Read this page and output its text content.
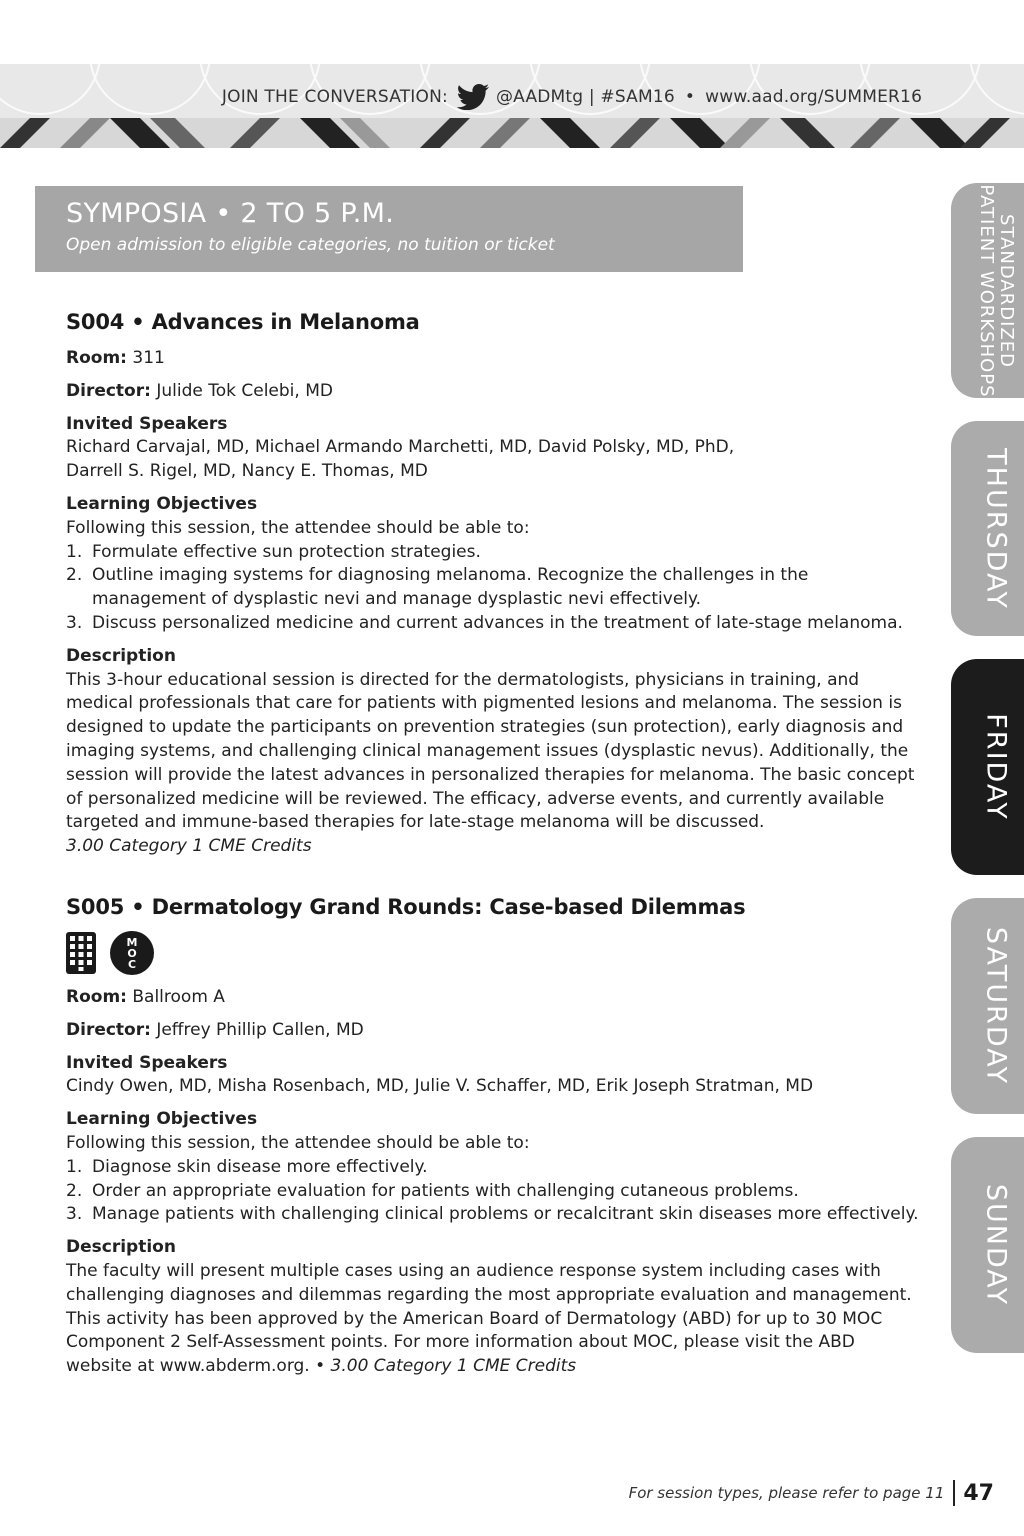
JOIN THE CONVERSATION:	@AADMtg | #SAM16 • www.aad.org/SUMMER16
SYMPOSIA • 2 TO 5 P.M.
Open admission to eligible categories, no tuition or ticket
S004 • Advances in Melanoma
Room: 311
Director: Julide Tok Celebi, MD
Invited Speakers
Richard Carvajal, MD, Michael Armando Marchetti, MD, David Polsky, MD, PhD,
Darrell S. Rigel, MD, Nancy E. Thomas, MD
Learning Objectives
Following this session, the attendee should be able to:
1. Formulate effective sun protection strategies.
2. Outline imaging systems for diagnosing melanoma. Recognize the challenges in the management of dysplastic nevi and manage dysplastic nevi effectively.
3. Discuss personalized medicine and current advances in the treatment of late-stage melanoma.
Description
This 3-hour educational session is directed for the dermatologists, physicians in training, and medical professionals that care for patients with pigmented lesions and melanoma. The session is designed to update the participants on prevention strategies (sun protection), early diagnosis and imaging systems, and challenging clinical management issues (dysplastic nevus). Additionally, the session will provide the latest advances in personalized therapies for melanoma. The basic concept of personalized medicine will be reviewed. The efficacy, adverse events, and currently available targeted and immune-based therapies for late-stage melanoma will be discussed.
3.00 Category 1 CME Credits
S005 • Dermatology Grand Rounds: Case-based Dilemmas
M
O
C
Room: Ballroom A
Director: Jeffrey Phillip Callen, MD
Invited Speakers
Cindy Owen, MD, Misha Rosenbach, MD, Julie V. Schaffer, MD, Erik Joseph Stratman, MD
Learning Objectives
Following this session, the attendee should be able to:
1. Diagnose skin disease more effectively.
2. Order an appropriate evaluation for patients with challenging cutaneous problems.
3. Manage patients with challenging clinical problems or recalcitrant skin diseases more effectively.
Description
The faculty will present multiple cases using an audience response system including cases with challenging diagnoses and dilemmas regarding the most appropriate evaluation and management. This activity has been approved by the American Board of Dermatology (ABD) for up to 30 MOC Component 2 Self-Assessment points. For more information about MOC, please visit the ABD website at www.abderm.org. • 3.00 Category 1 CME Credits
STANDARDIZED
PATIENT WORKSHOPS
THURSDAY
FRIDAY
SATURDAY
SUNDAY
For session types, please refer to page 11 47
